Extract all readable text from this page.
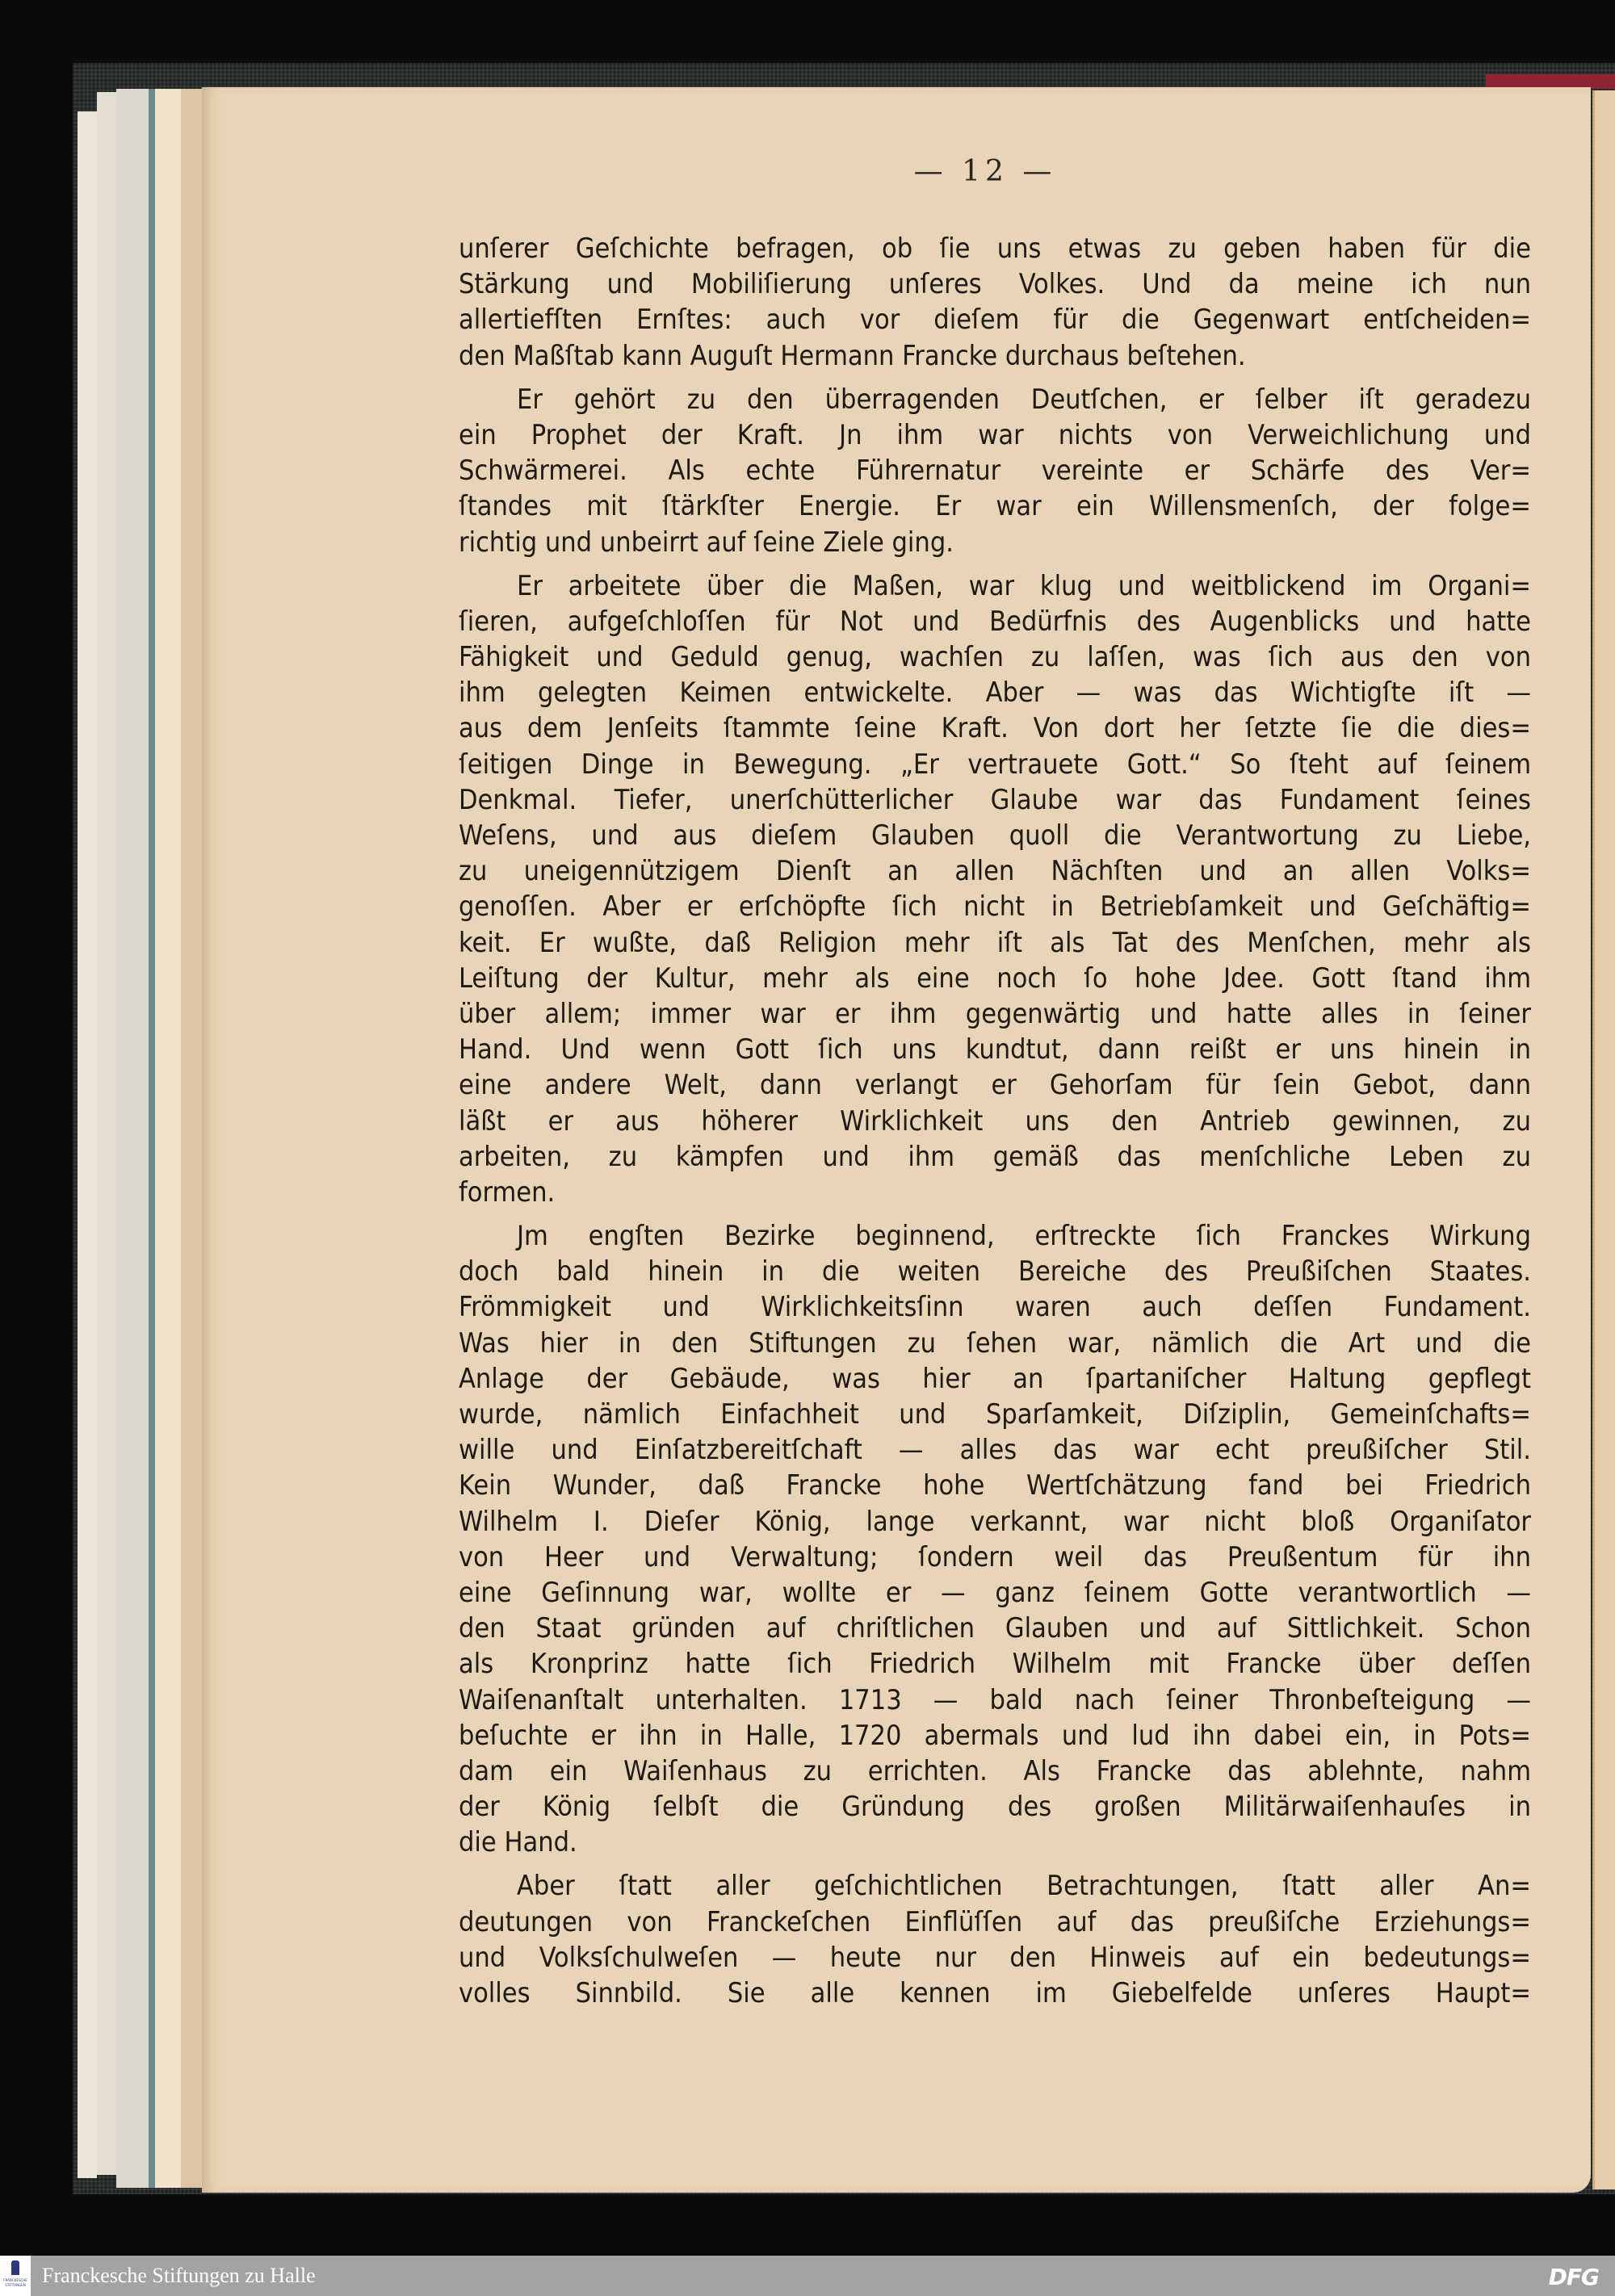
— 12 —
unſerer Geſchichte befragen, ob ſie uns etwas zu geben haben für die
Stärkung und Mobiliſierung unſeres Volkes. Und da meine ich nun
allertiefſten Ernſtes: auch vor dieſem für die Gegenwart entſcheiden=
den Maßſtab kann Auguſt Hermann Francke durchaus beſtehen.
Er gehört zu den überragenden Deutſchen, er ſelber iſt geradezu
ein Prophet der Kraft. Jn ihm war nichts von Verweichlichung und
Schwärmerei. Als echte Führernatur vereinte er Schärfe des Ver=
ſtandes mit ſtärkſter Energie. Er war ein Willensmenſch, der folge=
richtig und unbeirrt auf ſeine Ziele ging.
Er arbeitete über die Maßen, war klug und weitblickend im Organi=
ſieren, aufgeſchloſſen für Not und Bedürfnis des Augenblicks und hatte
Fähigkeit und Geduld genug, wachſen zu laſſen, was ſich aus den von
ihm gelegten Keimen entwickelte. Aber — was das Wichtigſte iſt —
aus dem Jenſeits ſtammte ſeine Kraft. Von dort her ſetzte ſie die dies=
ſeitigen Dinge in Bewegung. „Er vertrauete Gott.“ So ſteht auf ſeinem
Denkmal. Tiefer, unerſchütterlicher Glaube war das Fundament ſeines
Weſens, und aus dieſem Glauben quoll die Verantwortung zu Liebe,
zu uneigennützigem Dienſt an allen Nächſten und an allen Volks=
genoſſen. Aber er erſchöpfte ſich nicht in Betriebſamkeit und Geſchäftig=
keit. Er wußte, daß Religion mehr iſt als Tat des Menſchen, mehr als
Leiſtung der Kultur, mehr als eine noch ſo hohe Jdee. Gott ſtand ihm
über allem; immer war er ihm gegenwärtig und hatte alles in ſeiner
Hand. Und wenn Gott ſich uns kundtut, dann reißt er uns hinein in
eine andere Welt, dann verlangt er Gehorſam für ſein Gebot, dann
läßt er aus höherer Wirklichkeit uns den Antrieb gewinnen, zu
arbeiten, zu kämpfen und ihm gemäß das menſchliche Leben zu
formen.
Jm engſten Bezirke beginnend, erſtreckte ſich Franckes Wirkung
doch bald hinein in die weiten Bereiche des Preußiſchen Staates.
Frömmigkeit und Wirklichkeitsſinn waren auch deſſen Fundament.
Was hier in den Stiftungen zu ſehen war, nämlich die Art und die
Anlage der Gebäude, was hier an ſpartaniſcher Haltung gepflegt
wurde, nämlich Einfachheit und Sparſamkeit, Diſziplin, Gemeinſchafts=
wille und Einſatzbereitſchaft — alles das war echt preußiſcher Stil.
Kein Wunder, daß Francke hohe Wertſchätzung fand bei Friedrich
Wilhelm I. Dieſer König, lange verkannt, war nicht bloß Organiſator
von Heer und Verwaltung; ſondern weil das Preußentum für ihn
eine Geſinnung war, wollte er — ganz ſeinem Gotte verantwortlich —
den Staat gründen auf chriſtlichen Glauben und auf Sittlichkeit. Schon
als Kronprinz hatte ſich Friedrich Wilhelm mit Francke über deſſen
Waiſenanſtalt unterhalten. 1713 — bald nach ſeiner Thronbeſteigung —
beſuchte er ihn in Halle, 1720 abermals und lud ihn dabei ein, in Pots=
dam ein Waiſenhaus zu errichten. Als Francke das ablehnte, nahm
der König ſelbſt die Gründung des großen Militärwaiſenhauſes in
die Hand.
Aber ſtatt aller geſchichtlichen Betrachtungen, ſtatt aller An=
deutungen von Franckeſchen Einflüſſen auf das preußiſche Erziehungs=
und Volksſchulweſen — heute nur den Hinweis auf ein bedeutungs=
volles Sinnbild. Sie alle kennen im Giebelfelde unſeres Haupt=
FRANCKESCHE STIFTUNGEN Franckesche Stiftungen zu Halle	DFG
